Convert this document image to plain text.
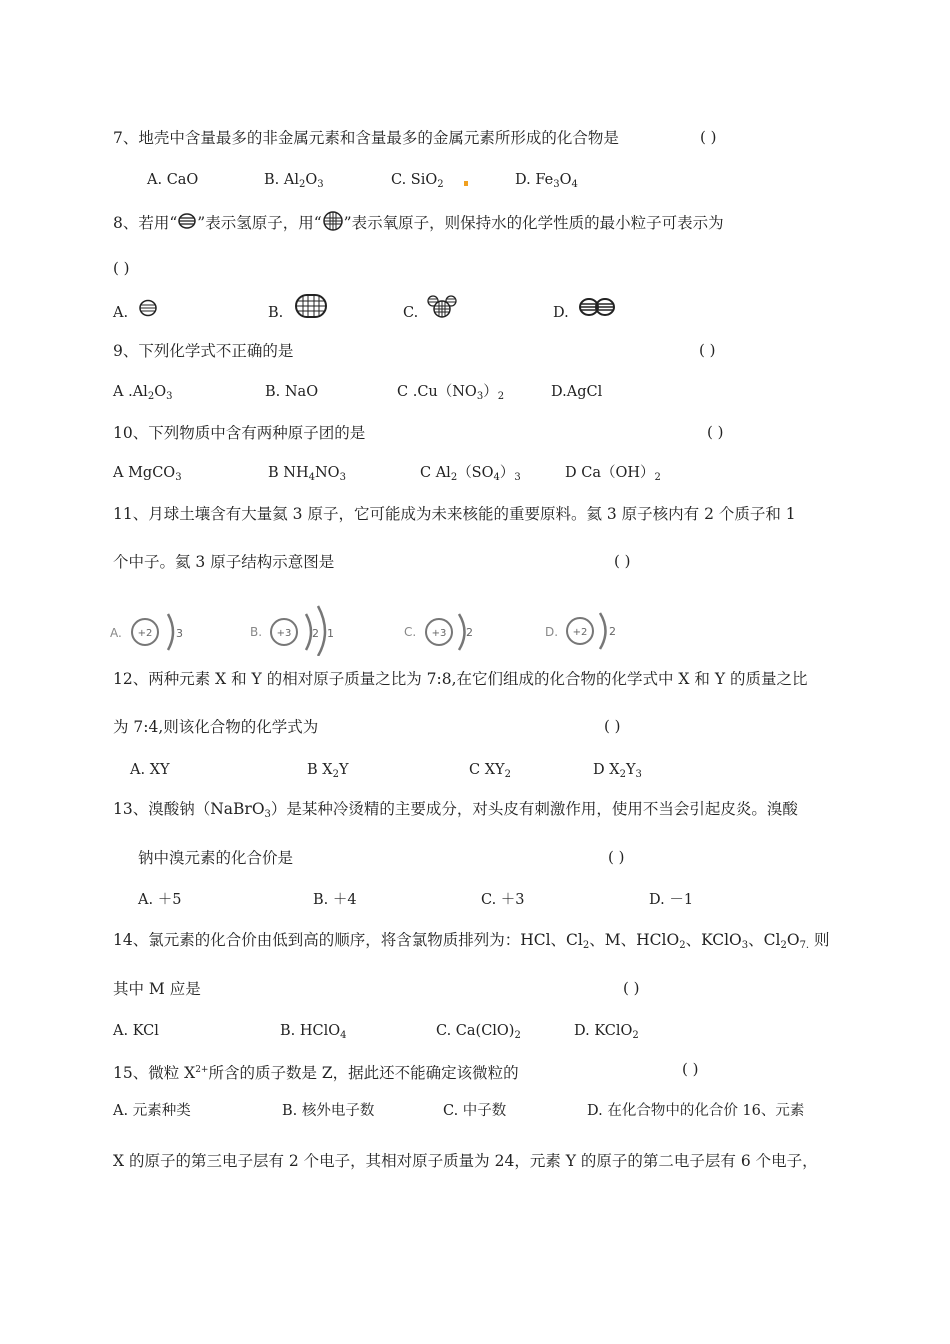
7、地壳中含量最多的非金属元素和含量最多的金属元素所形成的化合物是	( )
A. CaO	B. $Al_2O_3$	C. SiO$_2$	D. $Fe_3O_4$
8、若用“ ”表示氢原子，用“ ”表示氧原子，则保持水的化学性质的最小粒子可表示为
( )
A.	B.	C.	D.
9、下列化学式不正确的是	( )
A $.Al_2O_3$	B. NaO	C $.Cu(NO_3)_2$	D.AgCl
10、下列物质中含有两种原子团的是	( )
A MgCO$_3$	B $NH_4NO_3$	C $Al_2(SO_4)_3$	D $Ca(OH)_2$
11、月球土壤含有大量氦 3 原子，它可能成为未来核能的重要原料。氦 3 原子核内有 2 个质子和 1
个中子。氦 3 原子结构示意图是	( )
A. +2 3	B. +3 2 1	C. +3 2	D. +2 2
12、两种元素 X 和 Y 的相对原子质量之比为 7:8,在它们组成的化合物的化学式中 X 和 Y 的质量之比
为 7:4,则该化合物的化学式为	( )
A. XY	B $X_2Y$	C $XY_2$	D $X_2Y_3$
13、溴酸钠（NaBrO$_3$）是某种冷烫精的主要成分，对头皮有刺激作用，使用不当会引起皮炎。溴酸
钠中溴元素的化合价是	( )
A. ＋5	B. ＋4	C. ＋3	D. －1
14、氯元素的化合价由低到高的顺序，将含氯物质排列为：HCl、$Cl_2$、M、HClO$_2$、KClO$_3$、$Cl_2O_{7.}$ 则
其中 M 应是	( )
A. KCl	B. HClO$_4$	C. $Ca(ClO)_2$	D. KClO$_2$
15、微粒 $X^{2+}$所含的质子数是 Z，据此还不能确定该微粒的	( )
A. 元素种类	B. 核外电子数	C. 中子数	D. 在化合物中的化合价 16、元素
X 的原子的第三电子层有 2 个电子，其相对原子质量为 24，元素 Y 的原子的第二电子层有 6 个电子，
